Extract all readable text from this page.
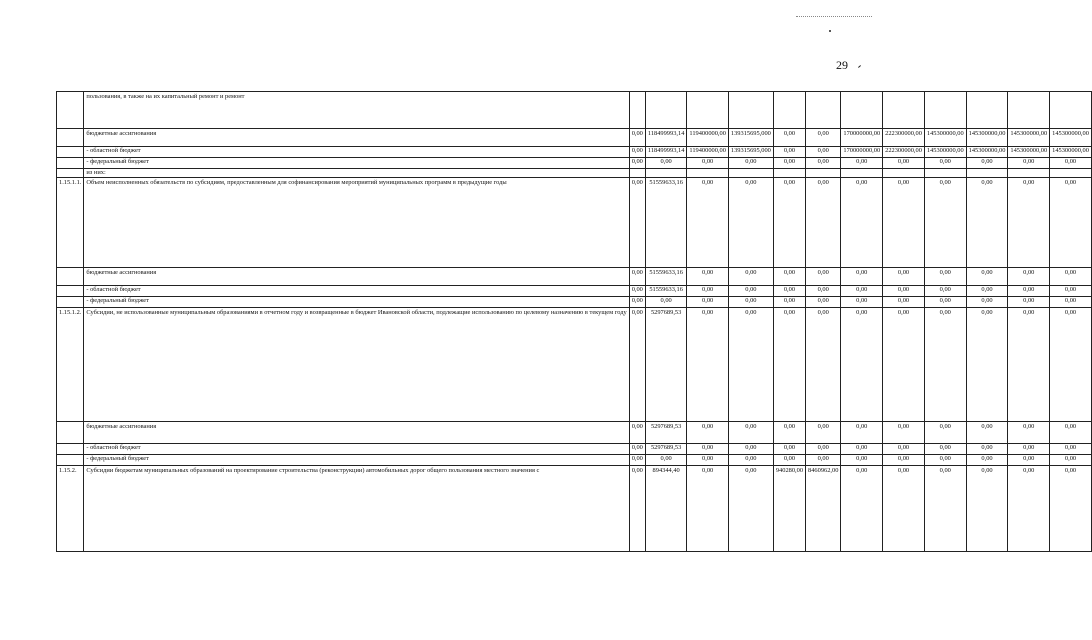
29
	пользования, в также на их капитальный ремонт и ремонт												
	бюджетные ассигнования	0,00	118499993,14	119400000,00	139315695,000	0,00	0,00	170000000,00	222300000,00	145300000,00	145300000,00	145300000,00	145300000,00
	- областной бюджет	0,00	118499993,14	119400000,00	139315695,000	0,00	0,00	170000000,00	222300000,00	145300000,00	145300000,00	145300000,00	145300000,00
	- федеральный бюджет	0,00	0,00	0,00	0,00	0,00	0,00	0,00	0,00	0,00	0,00	0,00	0,00
	из них:												
1.15.1.1.	Объем неисполненных обязательств по субсидиям, предоставленным для софинансирования мероприятий муниципальных программ в предыдущие годы	0,00	51559633,16	0,00	0,00	0,00	0,00	0,00	0,00	0,00	0,00	0,00	0,00
	бюджетные ассигнования	0,00	51559633,16	0,00	0,00	0,00	0,00	0,00	0,00	0,00	0,00	0,00	0,00
	- областной бюджет	0,00	51559633,16	0,00	0,00	0,00	0,00	0,00	0,00	0,00	0,00	0,00	0,00
	- федеральный бюджет	0,00	0,00	0,00	0,00	0,00	0,00	0,00	0,00	0,00	0,00	0,00	0,00
1.15.1.2.	Субсидии, не использованные муниципальным образованиями в отчетном году и возвращенные в бюджет Ивановской области, подлежащие использованию по целевому назначению в текущем году	0,00	5297689,53	0,00	0,00	0,00	0,00	0,00	0,00	0,00	0,00	0,00	0,00
	бюджетные ассигнования	0,00	5297689,53	0,00	0,00	0,00	0,00	0,00	0,00	0,00	0,00	0,00	0,00
	- областной бюджет	0,00	5297689,53	0,00	0,00	0,00	0,00	0,00	0,00	0,00	0,00	0,00	0,00
	- федеральный бюджет	0,00	0,00	0,00	0,00	0,00	0,00	0,00	0,00	0,00	0,00	0,00	0,00
1.15.2.	Субсидии бюджетам муниципальных образований на проектирование строительства (реконструкции) автомобильных дорог общего пользования местного значения с	0,00	894344,40	0,00	0,00	940280,00	8460962,00	0,00	0,00	0,00	0,00	0,00	0,00
